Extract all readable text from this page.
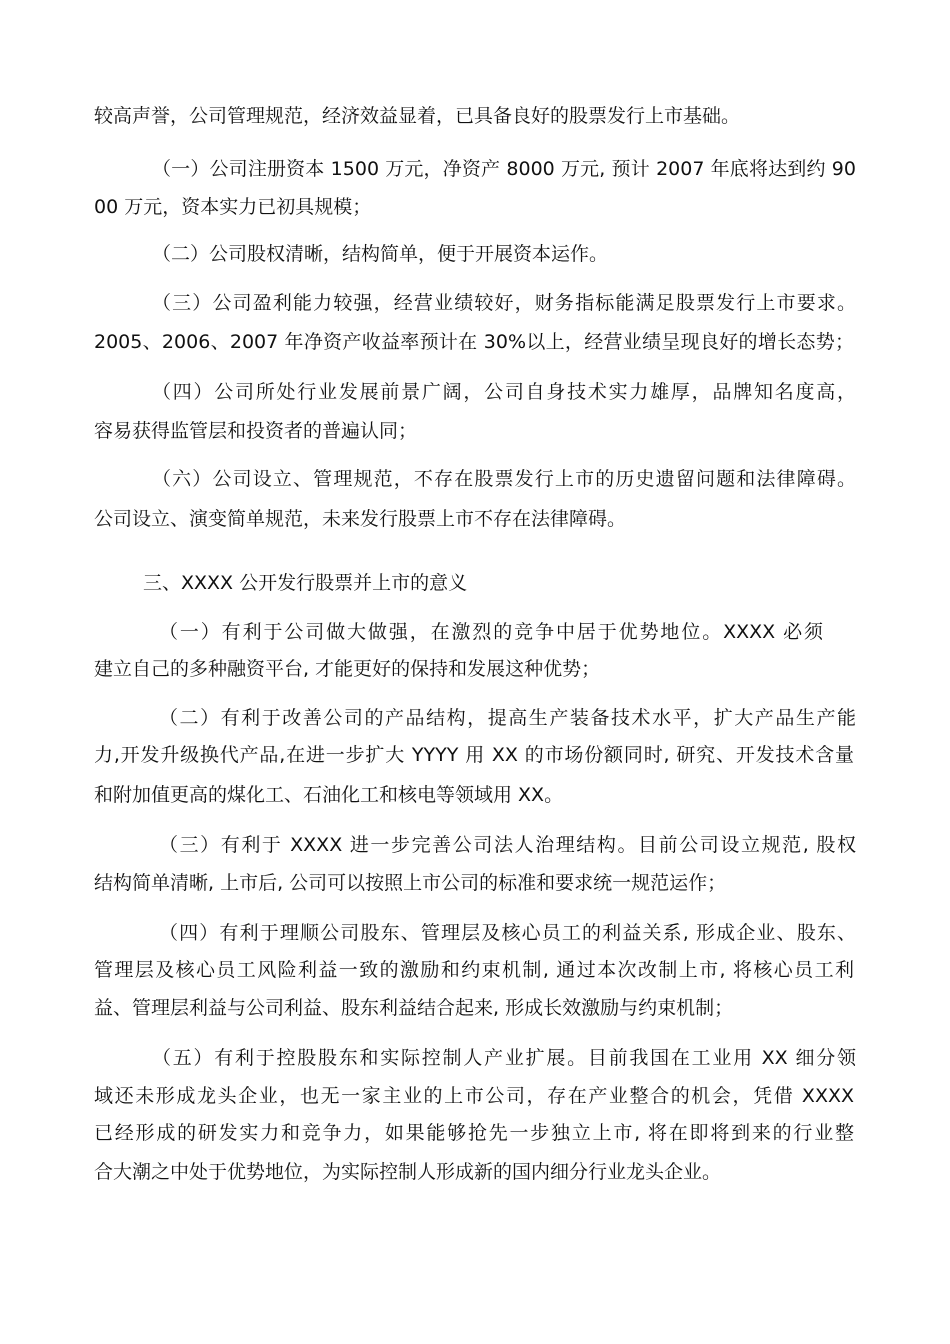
较高声誉，公司管理规范，经济效益显着，已具备良好的股票发行上市基础。
（一）公司注册资本 1500 万元，净资产 8000 万元, 预计 2007 年底将达到约 90
00 万元，资本实力已初具规模；
（二）公司股权清晰，结构简单，便于开展资本运作。
（三）公司盈利能力较强，经营业绩较好，财务指标能满足股票发行上市要求。
2005、2006、2007 年净资产收益率预计在 30%以上，经营业绩呈现良好的增长态势；
（四）公司所处行业发展前景广阔，公司自身技术实力雄厚，品牌知名度高，
容易获得监管层和投资者的普遍认同；
（六）公司设立、管理规范，不存在股票发行上市的历史遗留问题和法律障碍。
公司设立、演变简单规范，未来发行股票上市不存在法律障碍。
三、XXXX 公开发行股票并上市的意义
（一）有利于公司做大做强，在激烈的竞争中居于优势地位。XXXX 必须
建立自己的多种融资平台, 才能更好的保持和发展这种优势；
（二）有利于改善公司的产品结构，提高生产装备技术水平，扩大产品生产能
力,开发升级换代产品,在进一步扩大 YYYY 用 XX 的市场份额同时, 研究、开发技术含量
和附加值更高的煤化工、石油化工和核电等领域用 XX。
（三）有利于 XXXX 进一步完善公司法人治理结构。目前公司设立规范, 股权
结构简单清晰, 上市后, 公司可以按照上市公司的标准和要求统一规范运作；
（四）有利于理顺公司股东、管理层及核心员工的利益关系, 形成企业、股东、
管理层及核心员工风险利益一致的激励和约束机制, 通过本次改制上市, 将核心员工利
益、管理层利益与公司利益、股东利益结合起来, 形成长效激励与约束机制；
（五）有利于控股股东和实际控制人产业扩展。目前我国在工业用 XX 细分领
域还未形成龙头企业，也无一家主业的上市公司，存在产业整合的机会，凭借 XXXX
已经形成的研发实力和竞争力，如果能够抢先一步独立上市, 将在即将到来的行业整
合大潮之中处于优势地位，为实际控制人形成新的国内细分行业龙头企业。
